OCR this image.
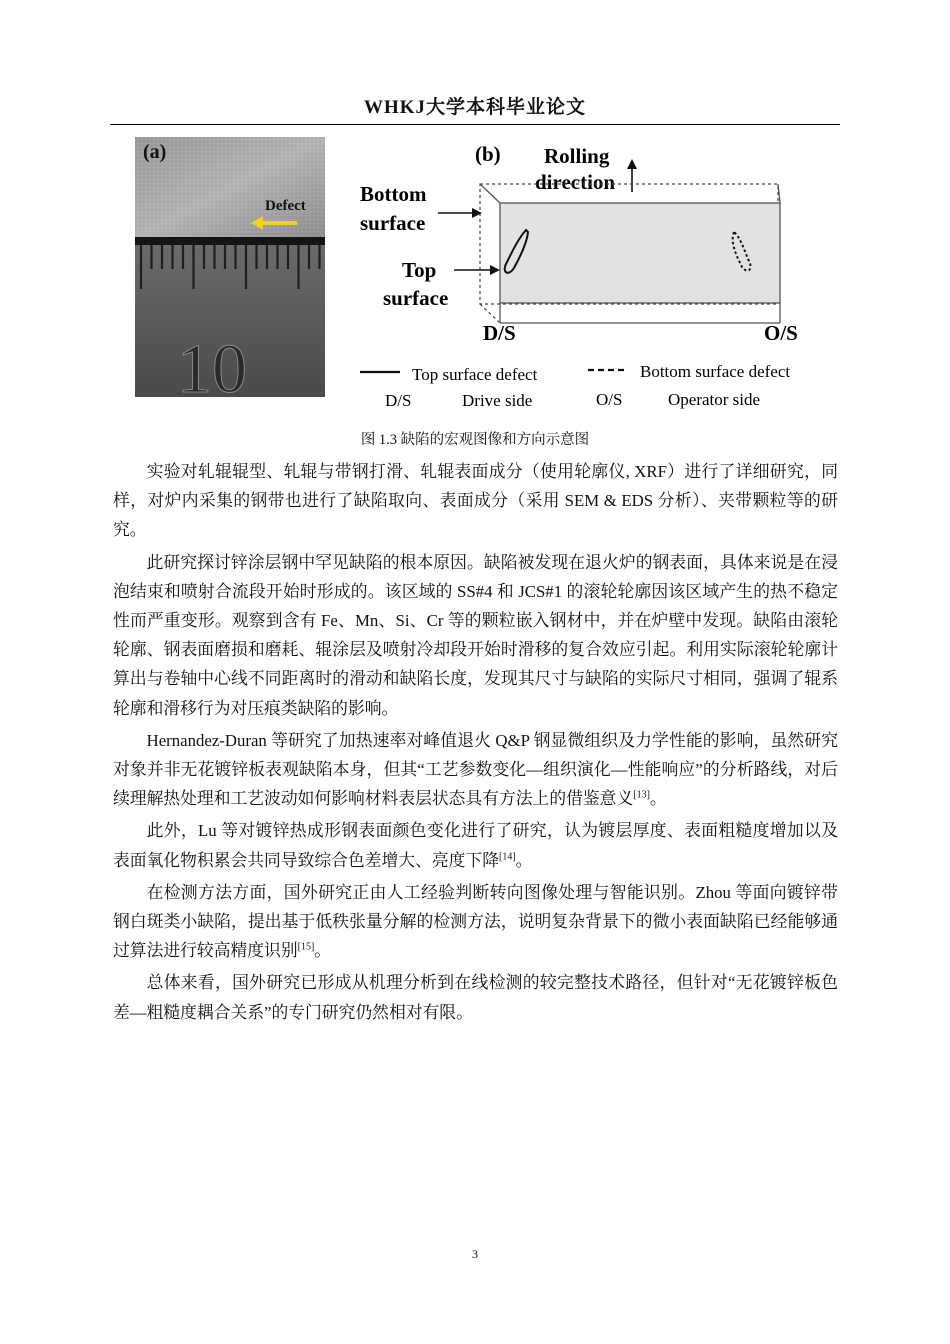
WHKJ大学本科毕业论文
(a)
Defect
10
(b) Rolling
direction
Bottom
surface
Top
surface
D/S	O/S
Top surface defect	Bottom surface defect
D/S	Drive side	O/S	Operator side
图 1.3 缺陷的宏观图像和方向示意图

实验对轧辊辊型、轧辊与带钢打滑、轧辊表面成分（使用轮廓仪, XRF）进行了详细研究，同样，对炉内采集的钢带也进行了缺陷取向、表面成分（采用 SEM & EDS 分析）、夹带颗粒等的研究。

此研究探讨锌涂层钢中罕见缺陷的根本原因。缺陷被发现在退火炉的钢表面，具体来说是在浸泡结束和喷射合流段开始时形成的。该区域的 SS#4 和 JCS#1 的滚轮轮廓因该区域产生的热不稳定性而严重变形。观察到含有 Fe、Mn、Si、Cr 等的颗粒嵌入钢材中，并在炉壁中发现。缺陷由滚轮轮廓、钢表面磨损和磨耗、辊涂层及喷射冷却段开始时滑移的复合效应引起。利用实际滚轮轮廓计算出与卷轴中心线不同距离时的滑动和缺陷长度，发现其尺寸与缺陷的实际尺寸相同，强调了辊系轮廓和滑移行为对压痕类缺陷的影响。

Hernandez-Duran 等研究了加热速率对峰值退火 Q&P 钢显微组织及力学性能的影响，虽然研究对象并非无花镀锌板表观缺陷本身，但其“工艺参数变化—组织演化—性能响应”的分析路线，对后续理解热处理和工艺波动如何影响材料表层状态具有方法上的借鉴意义[13]。

此外，Lu 等对镀锌热成形钢表面颜色变化进行了研究，认为镀层厚度、表面粗糙度增加以及表面氧化物积累会共同导致综合色差增大、亮度下降[14]。

在检测方法方面，国外研究正由人工经验判断转向图像处理与智能识别。Zhou 等面向镀锌带钢白斑类小缺陷，提出基于低秩张量分解的检测方法，说明复杂背景下的微小表面缺陷已经能够通过算法进行较高精度识别[15]。

总体来看，国外研究已形成从机理分析到在线检测的较完整技术路径，但针对“无花镀锌板色差—粗糙度耦合关系”的专门研究仍然相对有限。

3
